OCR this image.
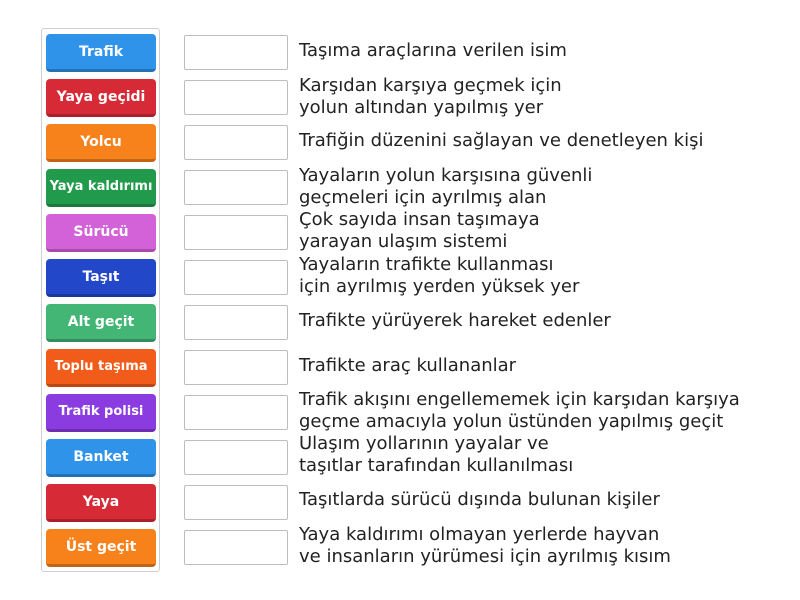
Trafik
Yaya geçidi
Yolcu
Yaya kaldırımı
Sürücü
Taşıt
Alt geçit
Toplu taşıma
Trafik polisi
Banket
Yaya
Üst geçit
Taşıma araçlarına verilen isim
Karşıdan karşıya geçmek için
yolun altından yapılmış yer
Trafiğin düzenini sağlayan ve denetleyen kişi
Yayaların yolun karşısına güvenli
geçmeleri için ayrılmış alan
Çok sayıda insan taşımaya
yarayan ulaşım sistemi
Yayaların trafikte kullanması
için ayrılmış yerden yüksek yer
Trafikte yürüyerek hareket edenler
Trafikte araç kullananlar
Trafik akışını engellememek için karşıdan karşıya
geçme amacıyla yolun üstünden yapılmış geçit
Ulaşım yollarının yayalar ve
taşıtlar tarafından kullanılması
Taşıtlarda sürücü dışında bulunan kişiler
Yaya kaldırımı olmayan yerlerde hayvan
ve insanların yürümesi için ayrılmış kısım
